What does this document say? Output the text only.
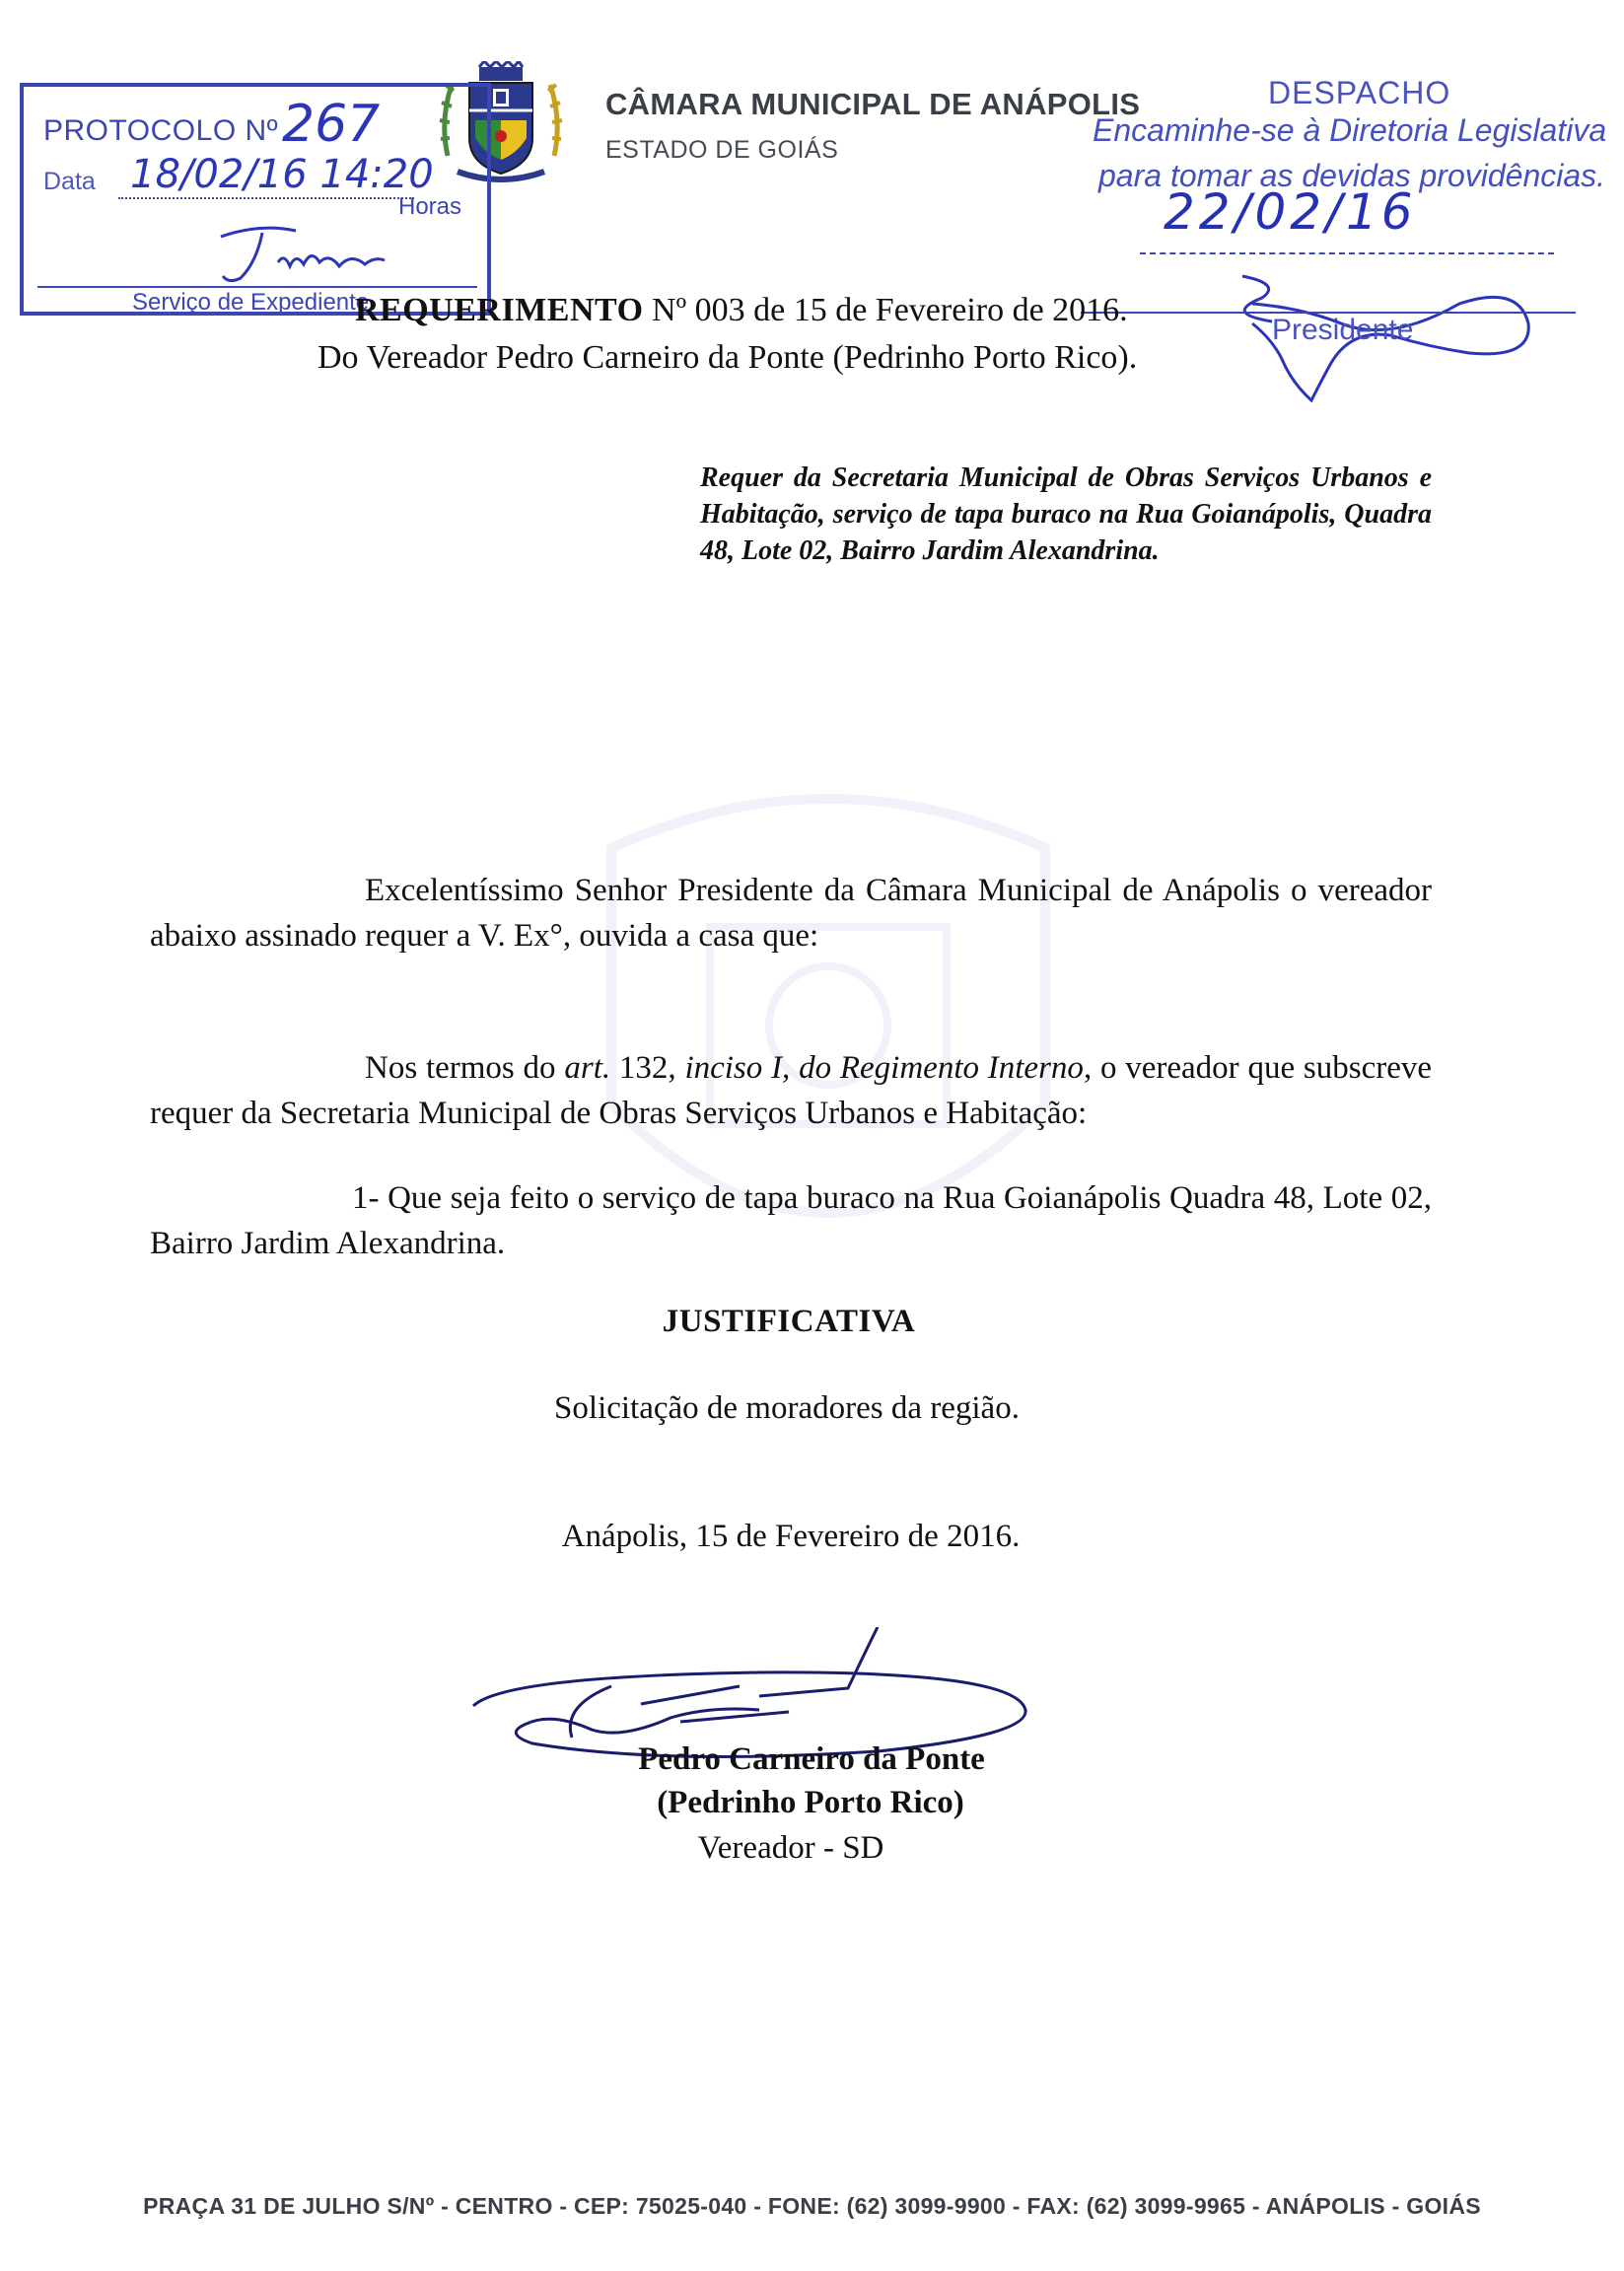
CÂMARA MUNICIPAL DE ANÁPOLIS
ESTADO DE GOIÁS
PROTOCOLO Nº 267
Data 18/02/16 14:20
Horas
Serviço de Expediente
DESPACHO
Encaminhe-se à Diretoria Legislativa
para tomar as devidas providências.
22/02/16
Presidente
REQUERIMENTO Nº 003 de 15 de Fevereiro de 2016.
Do Vereador Pedro Carneiro da Ponte (Pedrinho Porto Rico).
Requer da Secretaria Municipal de Obras Serviços Urbanos e Habitação, serviço de tapa buraco na Rua Goianápolis, Quadra 48, Lote 02, Bairro Jardim Alexandrina.
Excelentíssimo Senhor Presidente da Câmara Municipal de Anápolis o vereador abaixo assinado requer a V. Ex°, ouvida a casa que:
Nos termos do art. 132, inciso I, do Regimento Interno, o vereador que subscreve requer da Secretaria Municipal de Obras Serviços Urbanos e Habitação:
1- Que seja feito o serviço de tapa buraco na Rua Goianápolis Quadra 48, Lote 02, Bairro Jardim Alexandrina.
JUSTIFICATIVA
Solicitação de moradores da região.
Anápolis, 15 de Fevereiro de 2016.
Pedro Carneiro da Ponte
(Pedrinho Porto Rico)
Vereador - SD
PRAÇA 31 DE JULHO S/Nº - CENTRO - CEP: 75025-040 - FONE: (62) 3099-9900 - FAX: (62) 3099-9965 - ANÁPOLIS - GOIÁS
